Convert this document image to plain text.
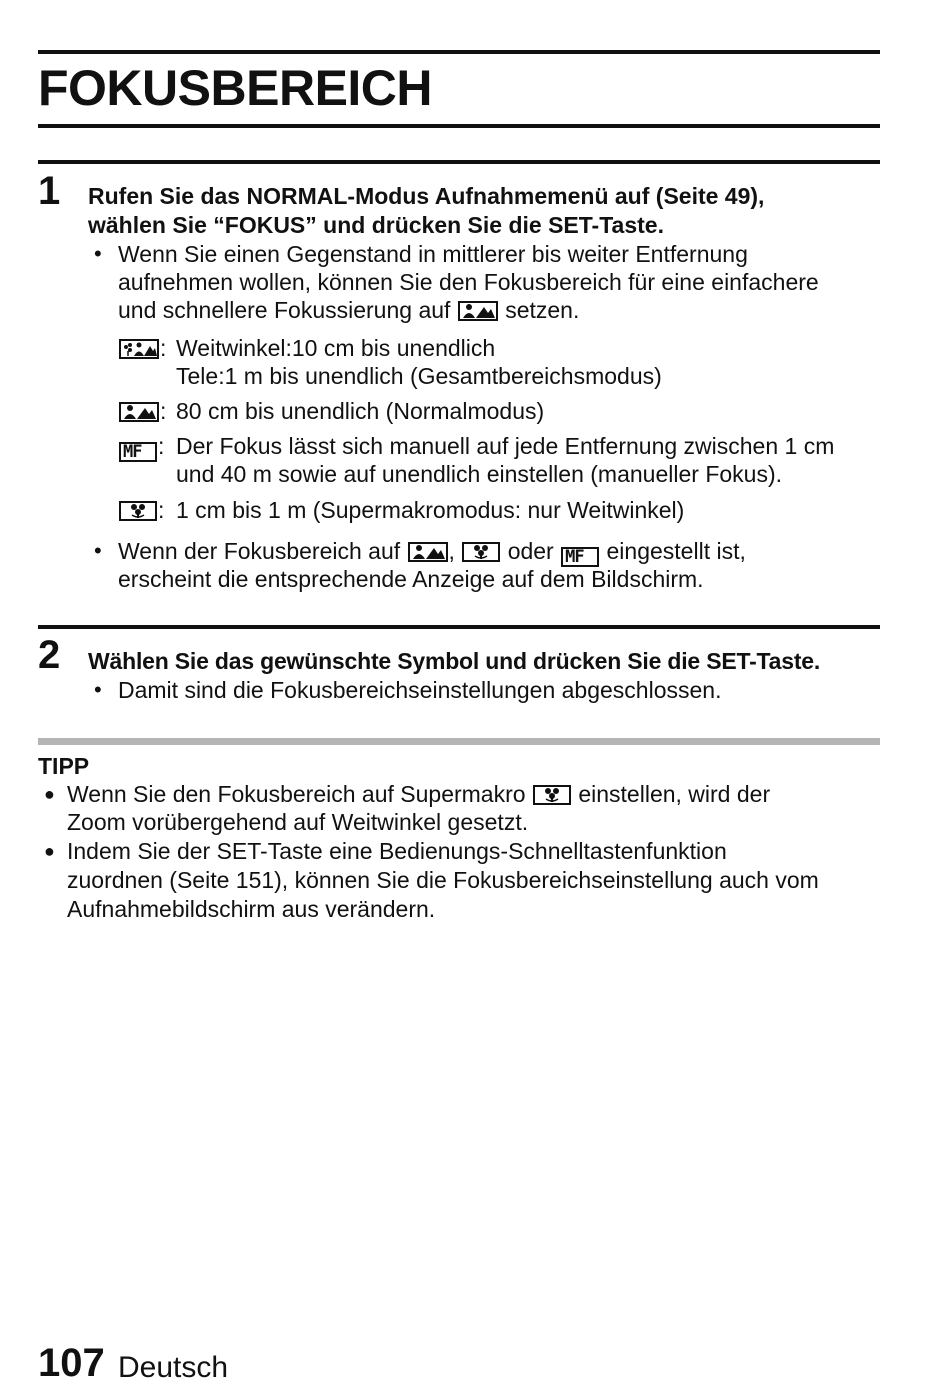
FOKUSBEREICH
1 Rufen Sie das NORMAL-Modus Aufnahmemenü auf (Seite 49),
wählen Sie “FOKUS” und drücken Sie die SET-Taste.
• Wenn Sie einen Gegenstand in mittlerer bis weiter Entfernung
aufnehmen wollen, können Sie den Fokusbereich für eine einfachere
und schnellere Fokussierung auf setzen.
: Weitwinkel:10 cm bis unendlich
Tele:1 m bis unendlich (Gesamtbereichsmodus)
: 80 cm bis unendlich (Normalmodus)
MF : Der Fokus lässt sich manuell auf jede Entfernung zwischen 1 cm
und 40 m sowie auf unendlich einstellen (manueller Fokus).
: 1 cm bis 1 m (Supermakromodus: nur Weitwinkel)
• Wenn der Fokusbereich auf , oder MF eingestellt ist,
erscheint die entsprechende Anzeige auf dem Bildschirm.
2 Wählen Sie das gewünschte Symbol und drücken Sie die SET-Taste.
• Damit sind die Fokusbereichseinstellungen abgeschlossen.
TIPP
● Wenn Sie den Fokusbereich auf Supermakro einstellen, wird der
Zoom vorübergehend auf Weitwinkel gesetzt.
● Indem Sie der SET-Taste eine Bedienungs-Schnelltastenfunktion
zuordnen (Seite 151), können Sie die Fokusbereichseinstellung auch vom
Aufnahmebildschirm aus verändern.
107 Deutsch
